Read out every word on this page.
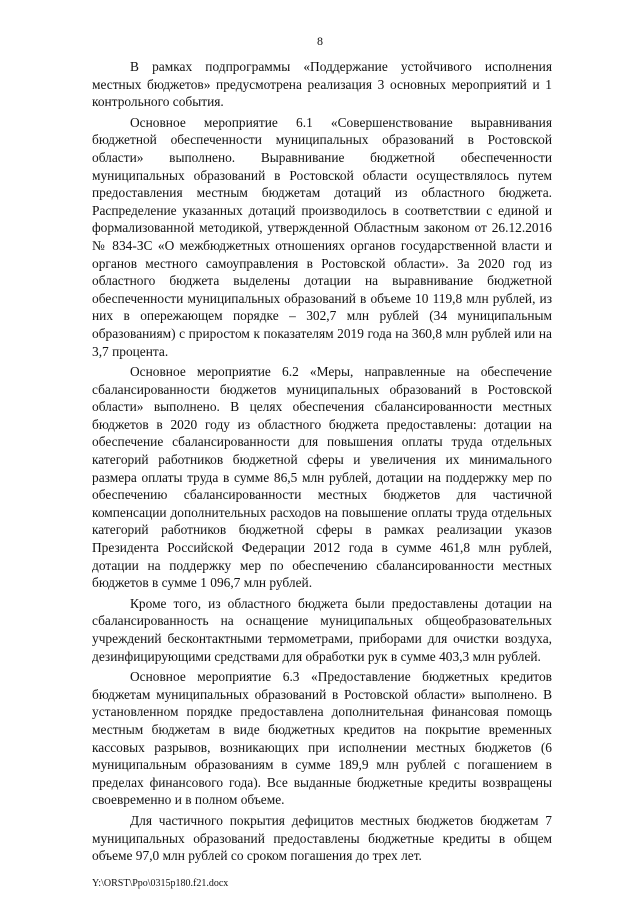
8

В рамках подпрограммы «Поддержание устойчивого исполнения местных бюджетов» предусмотрена реализация 3 основных мероприятий и 1 контрольного события.

Основное мероприятие 6.1 «Совершенствование выравнивания бюджетной обеспеченности муниципальных образований в Ростовской области» выполнено. Выравнивание бюджетной обеспеченности муниципальных образований в Ростовской области осуществлялось путем предоставления местным бюджетам дотаций из областного бюджета. Распределение указанных дотаций производилось в соответствии с единой и формализованной методикой, утвержденной Областным законом от 26.12.2016 № 834-ЗС «О межбюджетных отношениях органов государственной власти и органов местного самоуправления в Ростовской области». За 2020 год из областного бюджета выделены дотации на выравнивание бюджетной обеспеченности муниципальных образований в объеме 10 119,8 млн рублей, из них в опережающем порядке – 302,7 млн рублей (34 муниципальным образованиям) с приростом к показателям 2019 года на 360,8 млн рублей или на 3,7 процента.

Основное мероприятие 6.2 «Меры, направленные на обеспечение сбалансированности бюджетов муниципальных образований в Ростовской области» выполнено. В целях обеспечения сбалансированности местных бюджетов в 2020 году из областного бюджета предоставлены: дотации на обеспечение сбалансированности для повышения оплаты труда отдельных категорий работников бюджетной сферы и увеличения их минимального размера оплаты труда в сумме 86,5 млн рублей, дотации на поддержку мер по обеспечению сбалансированности местных бюджетов для частичной компенсации дополнительных расходов на повышение оплаты труда отдельных категорий работников бюджетной сферы в рамках реализации указов Президента Российской Федерации 2012 года в сумме 461,8 млн рублей, дотации на поддержку мер по обеспечению сбалансированности местных бюджетов в сумме 1 096,7 млн рублей.

Кроме того, из областного бюджета были предоставлены дотации на сбалансированность на оснащение муниципальных общеобразовательных учреждений бесконтактными термометрами, приборами для очистки воздуха, дезинфицирующими средствами для обработки рук в сумме 403,3 млн рублей.

Основное мероприятие 6.3 «Предоставление бюджетных кредитов бюджетам муниципальных образований в Ростовской области» выполнено. В установленном порядке предоставлена дополнительная финансовая помощь местным бюджетам в виде бюджетных кредитов на покрытие временных кассовых разрывов, возникающих при исполнении местных бюджетов (6 муниципальным образованиям в сумме 189,9 млн рублей с погашением в пределах финансового года). Все выданные бюджетные кредиты возвращены своевременно и в полном объеме.

Для частичного покрытия дефицитов местных бюджетов бюджетам 7 муниципальных образований предоставлены бюджетные кредиты в общем объеме 97,0 млн рублей со сроком погашения до трех лет.

Y:\ORST\Ppo\0315p180.f21.docx
